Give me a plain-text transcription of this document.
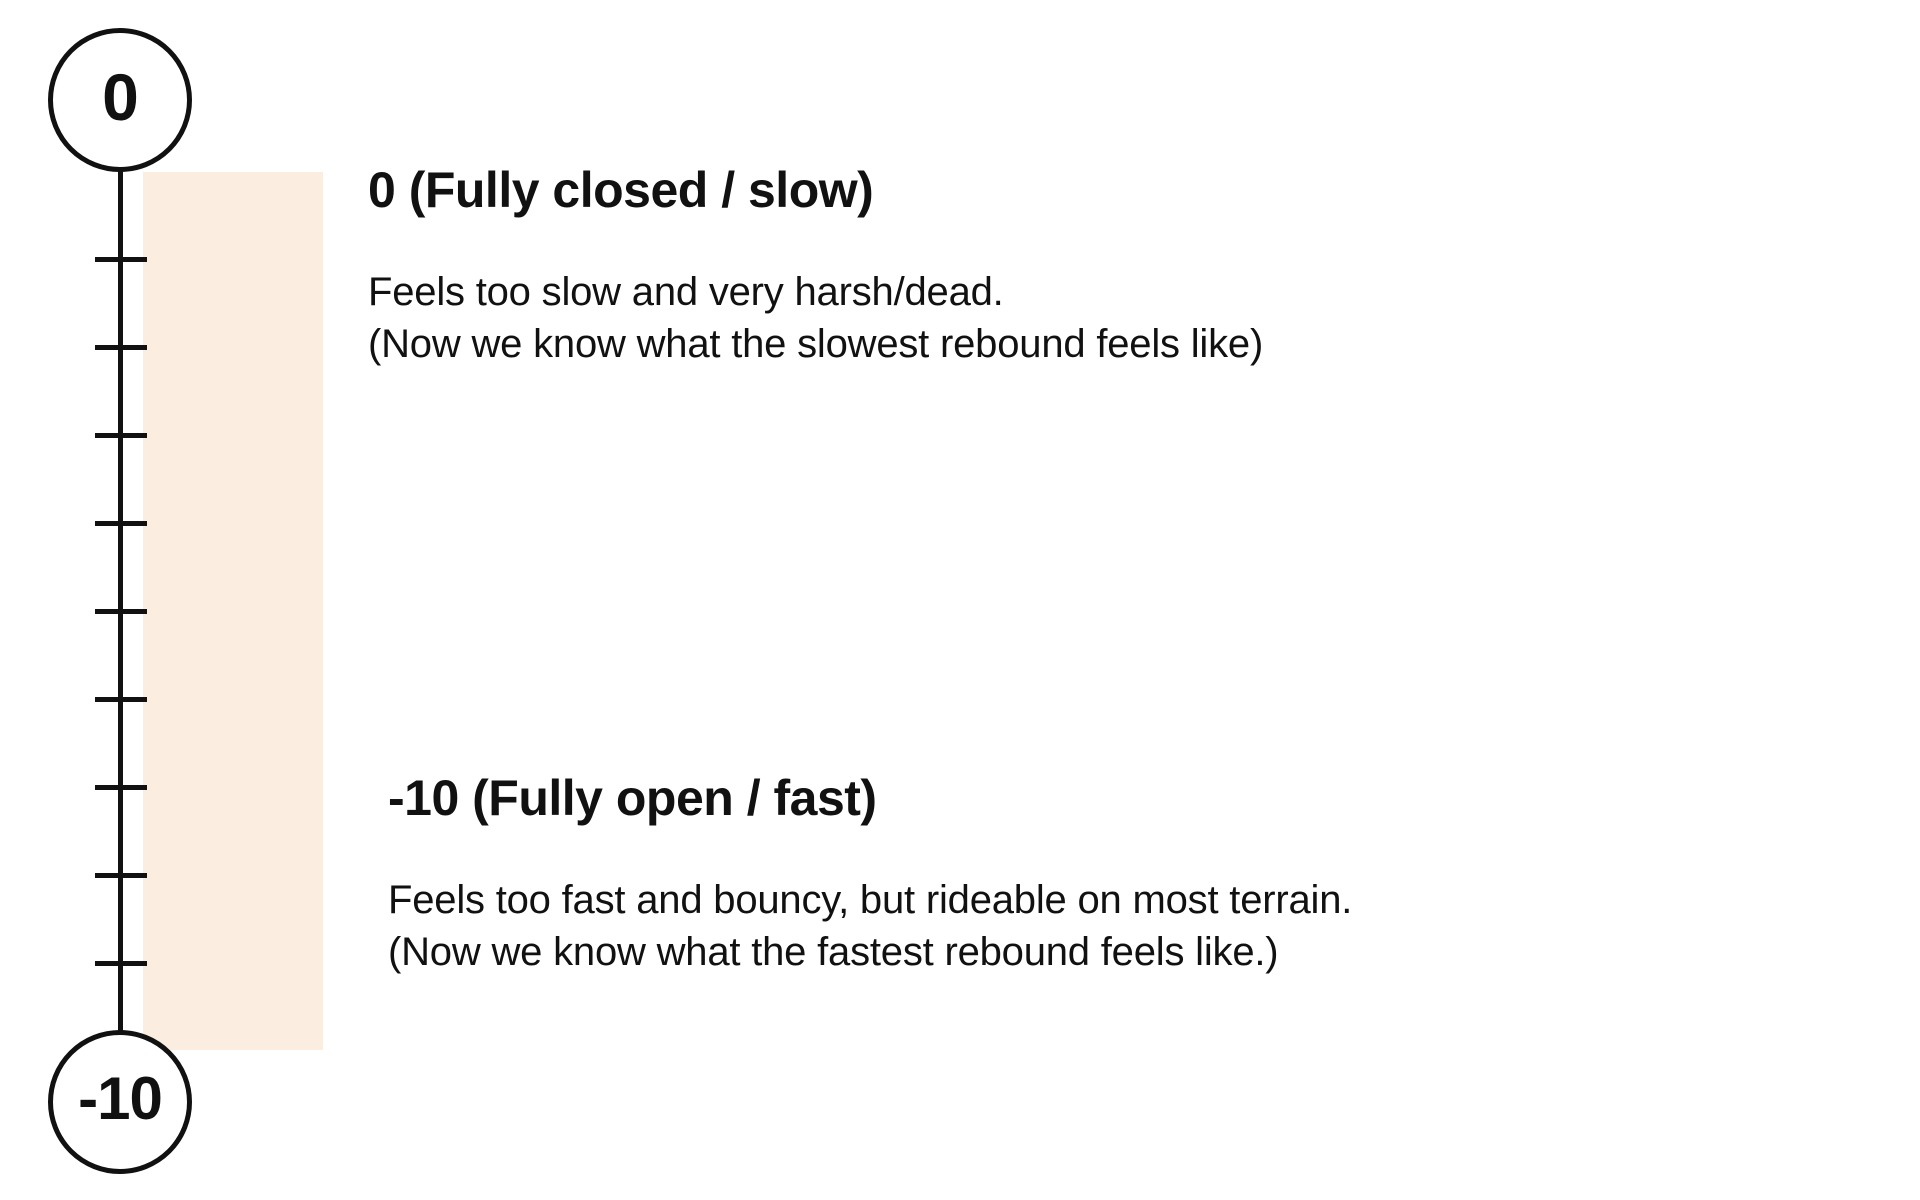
0
-10

0 (Fully closed / slow)

Feels too slow and very harsh/dead.
(Now we know what the slowest rebound feels like)

-10 (Fully open / fast)

Feels too fast and bouncy, but rideable on most terrain.
(Now we know what the fastest rebound feels like.)
